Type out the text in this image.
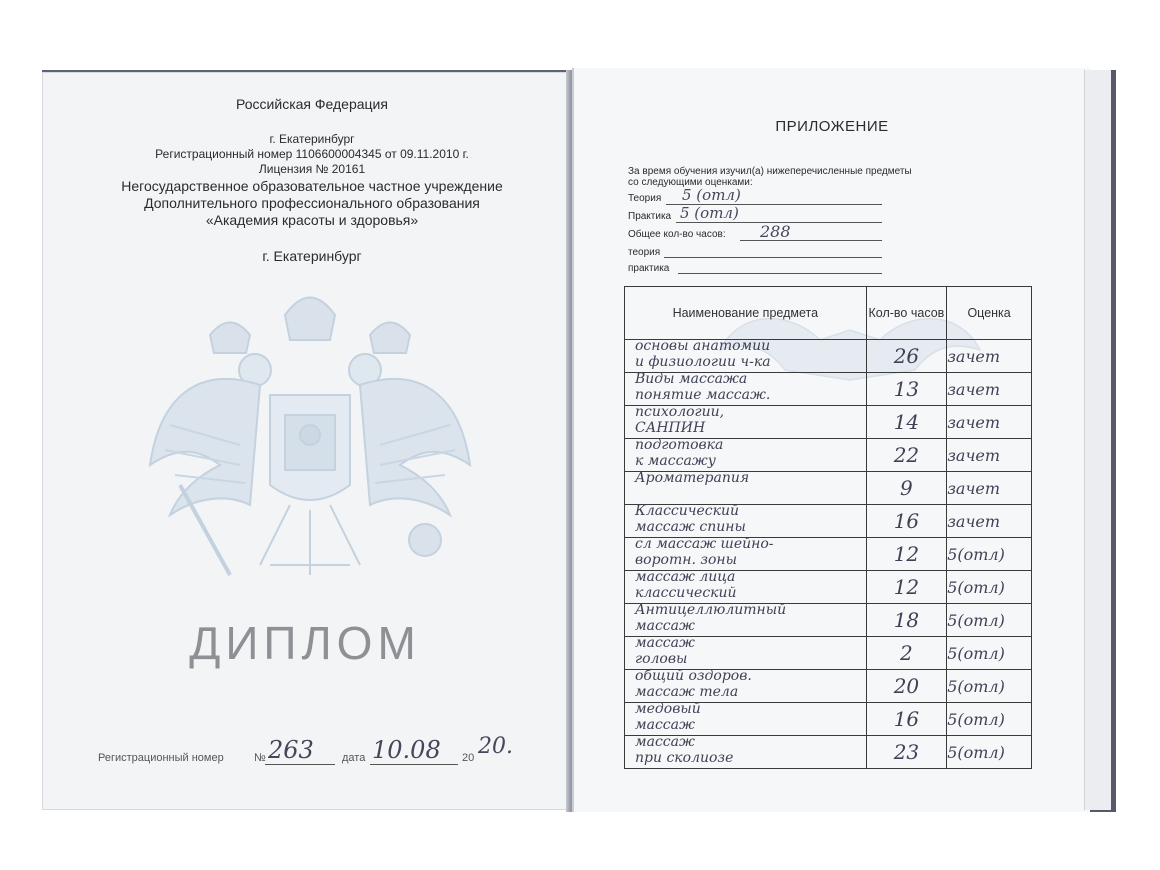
Российская Федерация
г. Екатеринбург
Регистрационный номер 1106600004345 от 09.11.2010 г.
Лицензия № 20161
Негосударственное образовательное частное учреждение
Дополнительного профессионального образования
«Академия красоты и здоровья»
г. Екатеринбург
ДИПЛОМ
Регистрационный номер	№ 263	дата 10.08 20 20.
ПРИЛОЖЕНИЕ
За время обучения изучил(а) нижеперечисленные предметы
со следующими оценками:
Теория 5 (отл)
Практика 5 (отл)
Общее кол-во часов: 288
теория
практика
Наименование предмета	Кол-во часов	Оценка

основы анатомии
и физиологии ч-ка	26	зачет

Виды массажа
понятие массаж.	13	зачет

психологии,
САНПИН	14	зачет

подготовка
к массажу	22	зачет

Ароматерапия	9	зачет

Классический
массаж спины	16	зачет

сл массаж шейно-
воротн. зоны	12	5(отл)

массаж лица
классический	12	5(отл)

Антицеллюлитный
массаж	18	5(отл)

массаж
головы	2	5(отл)

общий оздоров.
массаж тела	20	5(отл)

медовый
массаж	16	5(отл)

массаж
при сколиозе	23	5(отл)
